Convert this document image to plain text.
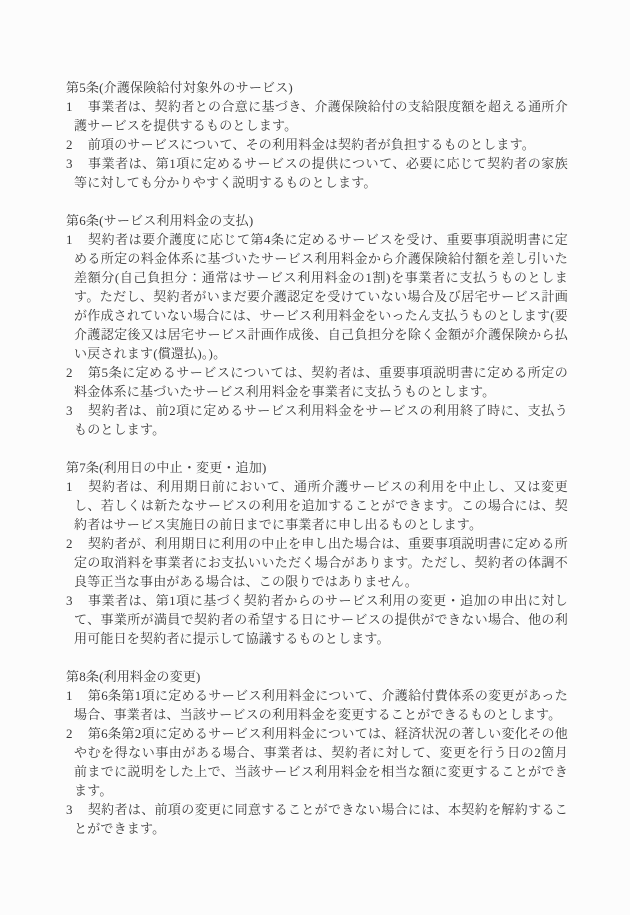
第5条(介護保険給付対象外のサービス)

1 事業者は、契約者との合意に基づき、介護保険給付の支給限度額を超える通所介護サービスを提供するものとします。

2 前項のサービスについて、その利用料金は契約者が負担するものとします。

3 事業者は、第1項に定めるサービスの提供について、必要に応じて契約者の家族等に対しても分かりやすく説明するものとします。

第6条(サービス利用料金の支払)

1 契約者は要介護度に応じて第4条に定めるサービスを受け、重要事項説明書に定める所定の料金体系に基づいたサービス利用料金から介護保険給付額を差し引いた差額分(自己負担分：通常はサービス利用料金の1割)を事業者に支払うものとします。ただし、契約者がいまだ要介護認定を受けていない場合及び居宅サービス計画が作成されていない場合には、サービス利用料金をいったん支払うものとします(要介護認定後又は居宅サービス計画作成後、自己負担分を除く金額が介護保険から払い戻されます(償還払)。)。

2 第5条に定めるサービスについては、契約者は、重要事項説明書に定める所定の料金体系に基づいたサービス利用料金を事業者に支払うものとします。

3 契約者は、前2項に定めるサービス利用料金をサービスの利用終了時に、支払うものとします。

第7条(利用日の中止・変更・追加)

1 契約者は、利用期日前において、通所介護サービスの利用を中止し、又は変更し、若しくは新たなサービスの利用を追加することができます。この場合には、契約者はサービス実施日の前日までに事業者に申し出るものとします。

2 契約者が、利用期日に利用の中止を申し出た場合は、重要事項説明書に定める所定の取消料を事業者にお支払いいただく場合があります。ただし、契約者の体調不良等正当な事由がある場合は、この限りではありません。

3 事業者は、第1項に基づく契約者からのサービス利用の変更・追加の申出に対して、事業所が満員で契約者の希望する日にサービスの提供ができない場合、他の利用可能日を契約者に提示して協議するものとします。

第8条(利用料金の変更)

1 第6条第1項に定めるサービス利用料金について、介護給付費体系の変更があった場合、事業者は、当該サービスの利用料金を変更することができるものとします。

2 第6条第2項に定めるサービス利用料金については、経済状況の著しい変化その他やむを得ない事由がある場合、事業者は、契約者に対して、変更を行う日の2箇月前までに説明をした上で、当該サービス利用料金を相当な額に変更することができます。

3 契約者は、前項の変更に同意することができない場合には、本契約を解約することができます。
